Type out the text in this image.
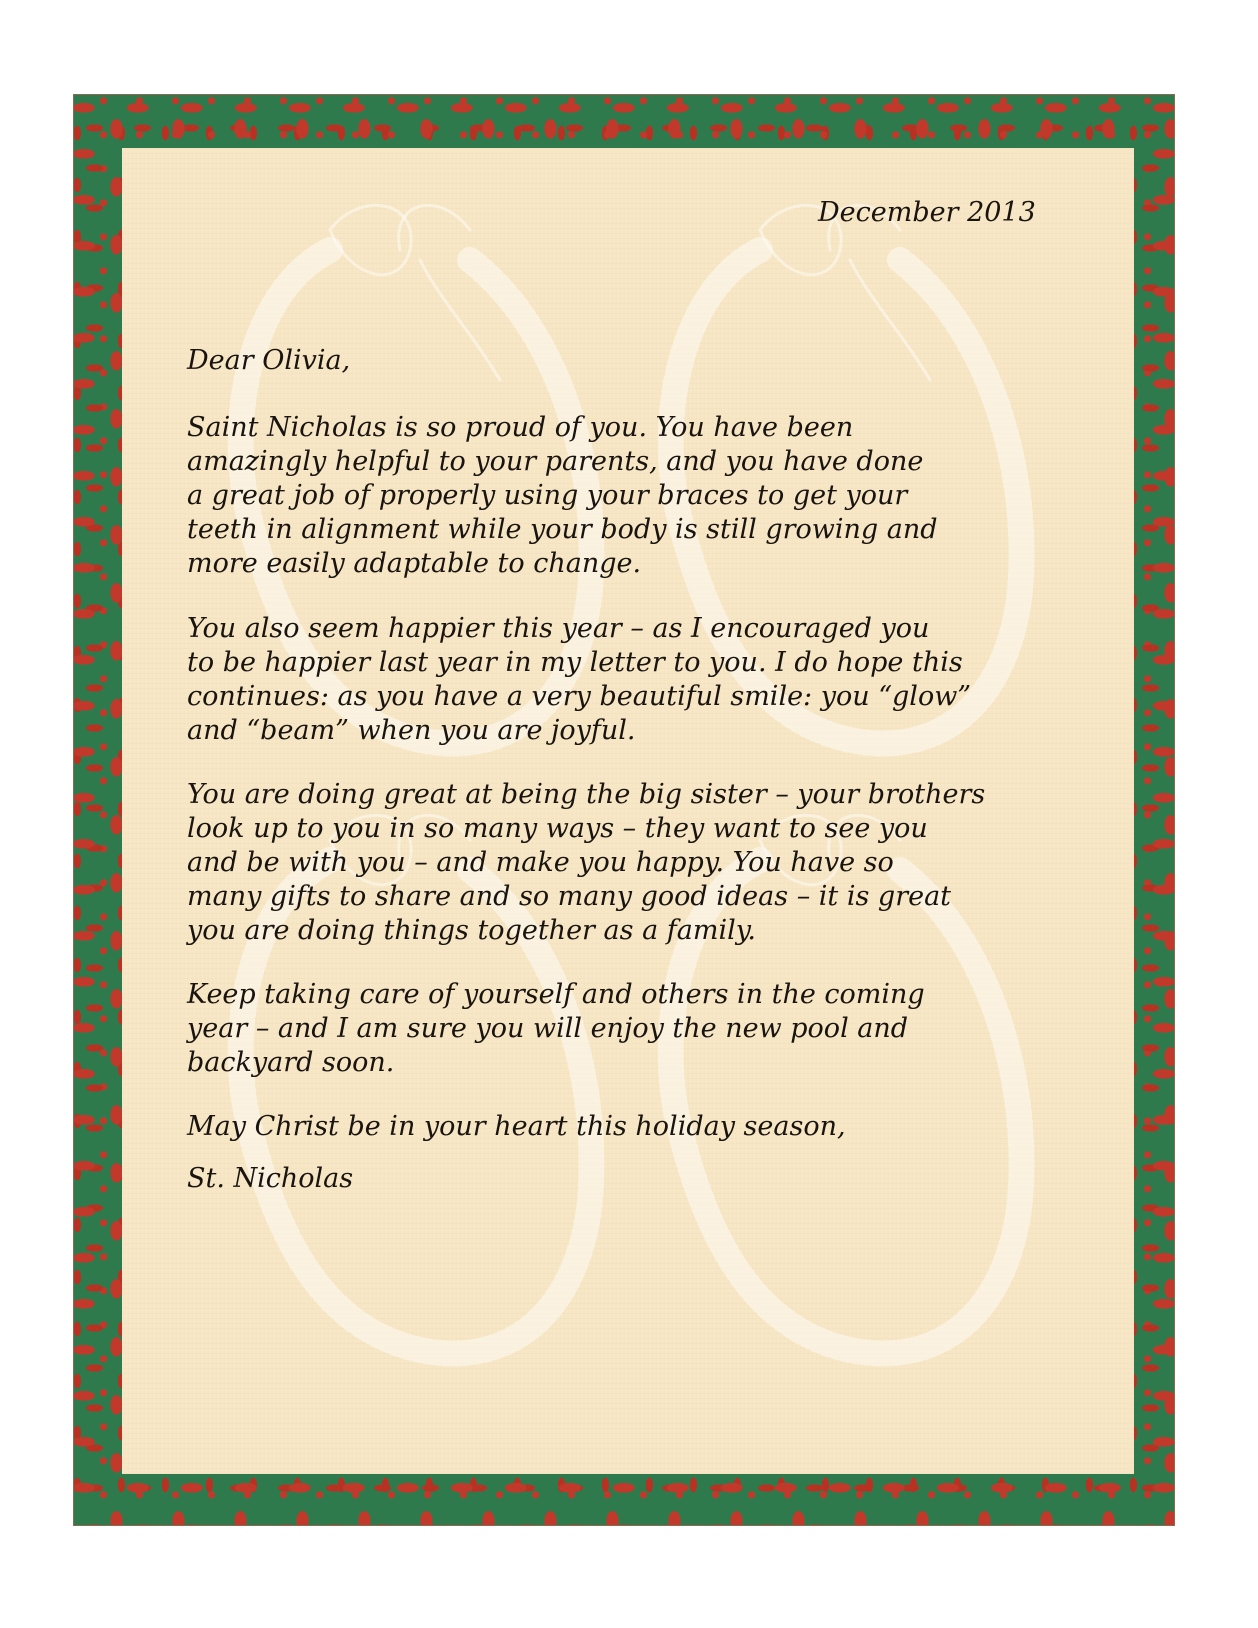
December 2013

Dear Olivia,

Saint Nicholas is so proud of you. You have been
amazingly helpful to your parents, and you have done
a great job of properly using your braces to get your
teeth in alignment while your body is still growing and
more easily adaptable to change.

You also seem happier this year – as I encouraged you
to be happier last year in my letter to you. I do hope this
continues: as you have a very beautiful smile: you “glow”
and “beam” when you are joyful.

You are doing great at being the big sister – your brothers
look up to you in so many ways – they want to see you
and be with you – and make you happy. You have so
many gifts to share and so many good ideas – it is great
you are doing things together as a family.

Keep taking care of yourself and others in the coming
year – and I am sure you will enjoy the new pool and
backyard soon.

May Christ be in your heart this holiday season,

St. Nicholas
